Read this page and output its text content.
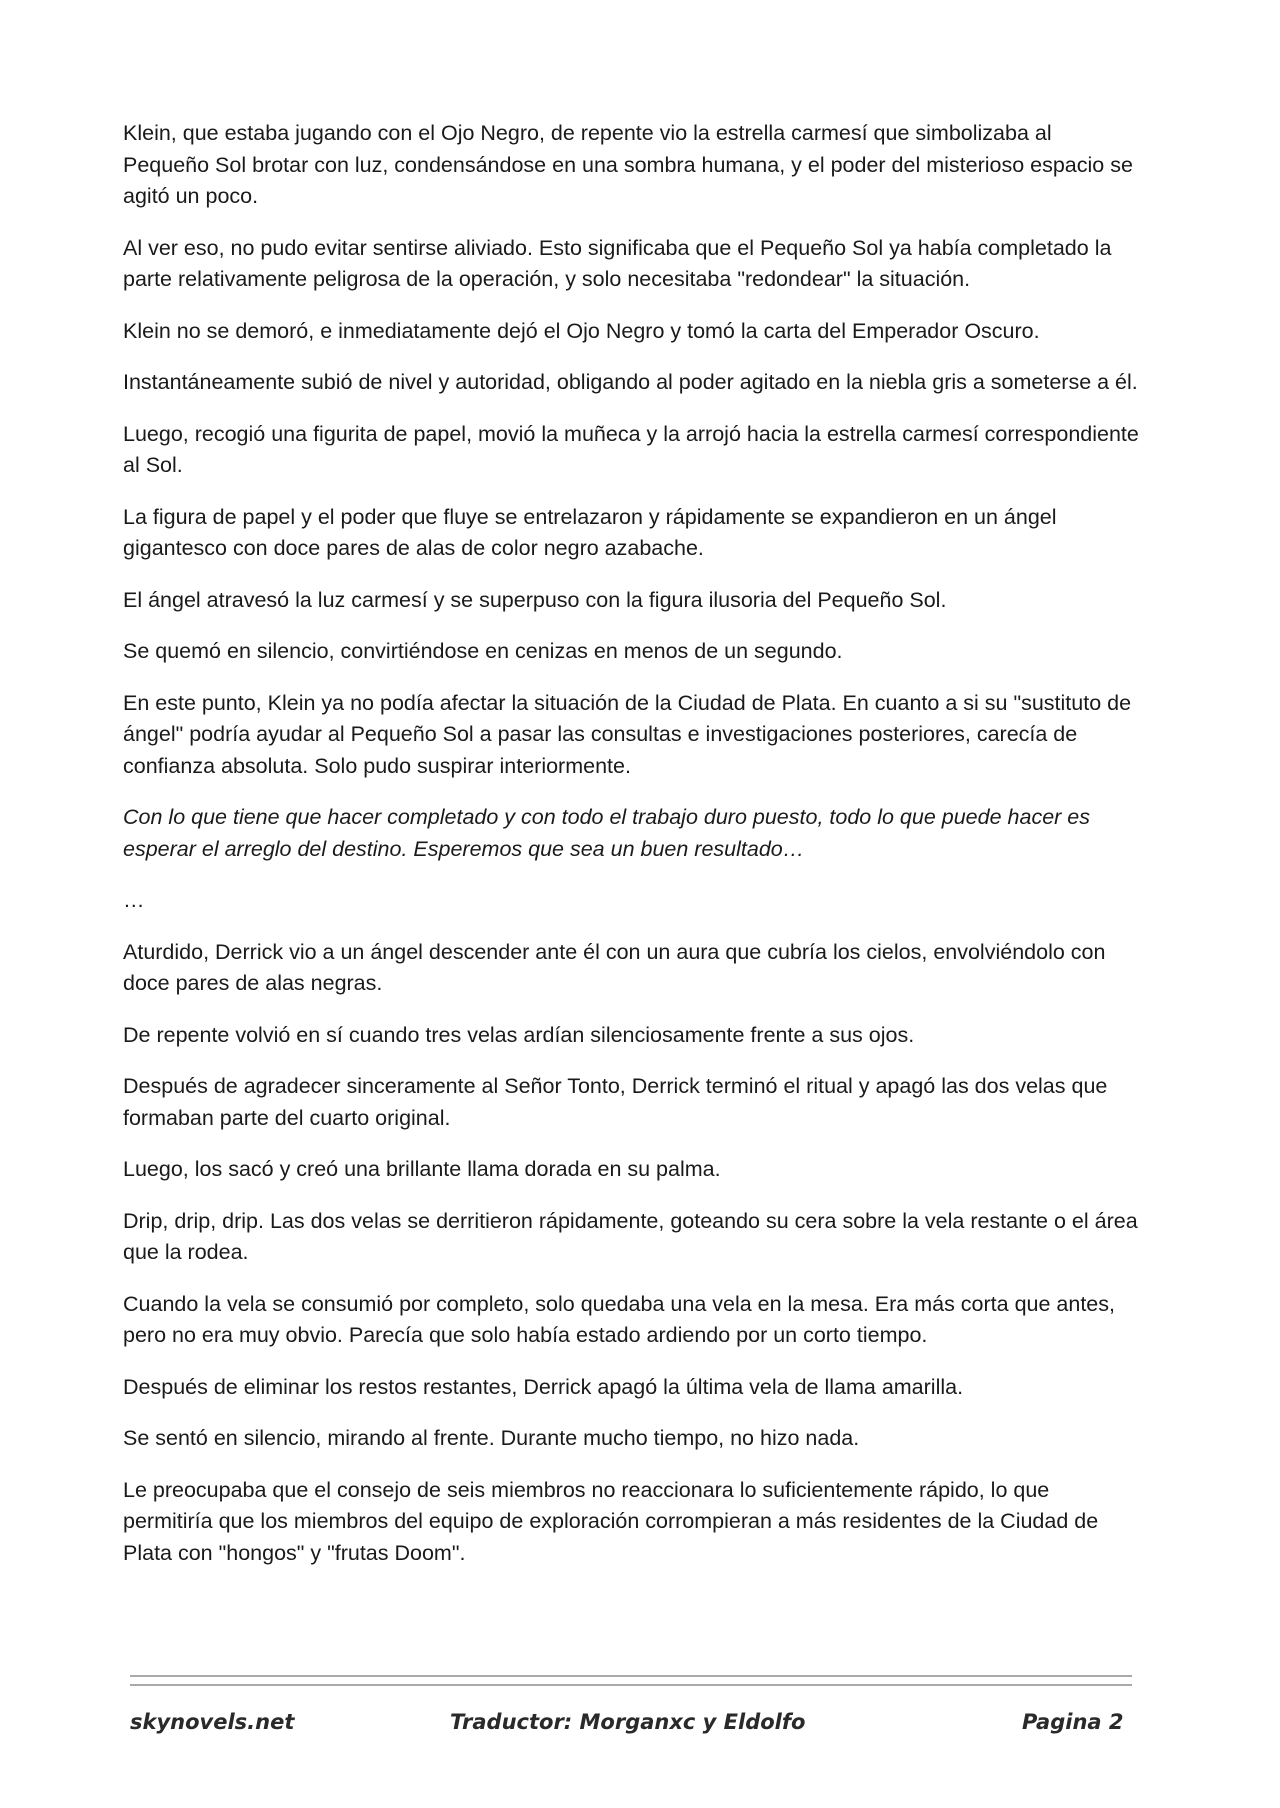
Klein, que estaba jugando con el Ojo Negro, de repente vio la estrella carmesí que simbolizaba al Pequeño Sol brotar con luz, condensándose en una sombra humana, y el poder del misterioso espacio se agitó un poco.

Al ver eso, no pudo evitar sentirse aliviado. Esto significaba que el Pequeño Sol ya había completado la parte relativamente peligrosa de la operación, y solo necesitaba "redondear" la situación.

Klein no se demoró, e inmediatamente dejó el Ojo Negro y tomó la carta del Emperador Oscuro.

Instantáneamente subió de nivel y autoridad, obligando al poder agitado en la niebla gris a someterse a él.

Luego, recogió una figurita de papel, movió la muñeca y la arrojó hacia la estrella carmesí correspondiente al Sol.

La figura de papel y el poder que fluye se entrelazaron y rápidamente se expandieron en un ángel gigantesco con doce pares de alas de color negro azabache.

El ángel atravesó la luz carmesí y se superpuso con la figura ilusoria del Pequeño Sol.

Se quemó en silencio, convirtiéndose en cenizas en menos de un segundo.

En este punto, Klein ya no podía afectar la situación de la Ciudad de Plata. En cuanto a si su "sustituto de ángel" podría ayudar al Pequeño Sol a pasar las consultas e investigaciones posteriores, carecía de confianza absoluta. Solo pudo suspirar interiormente.

Con lo que tiene que hacer completado y con todo el trabajo duro puesto, todo lo que puede hacer es esperar el arreglo del destino. Esperemos que sea un buen resultado…

…

Aturdido, Derrick vio a un ángel descender ante él con un aura que cubría los cielos, envolviéndolo con doce pares de alas negras.

De repente volvió en sí cuando tres velas ardían silenciosamente frente a sus ojos.

Después de agradecer sinceramente al Señor Tonto, Derrick terminó el ritual y apagó las dos velas que formaban parte del cuarto original.

Luego, los sacó y creó una brillante llama dorada en su palma.

Drip, drip, drip. Las dos velas se derritieron rápidamente, goteando su cera sobre la vela restante o el área que la rodea.

Cuando la vela se consumió por completo, solo quedaba una vela en la mesa. Era más corta que antes, pero no era muy obvio. Parecía que solo había estado ardiendo por un corto tiempo.

Después de eliminar los restos restantes, Derrick apagó la última vela de llama amarilla.

Se sentó en silencio, mirando al frente. Durante mucho tiempo, no hizo nada.

Le preocupaba que el consejo de seis miembros no reaccionara lo suficientemente rápido, lo que permitiría que los miembros del equipo de exploración corrompieran a más residentes de la Ciudad de Plata con "hongos" y "frutas Doom".

skynovels.net	Traductor: Morganxc y Eldolfo	Pagina 2
